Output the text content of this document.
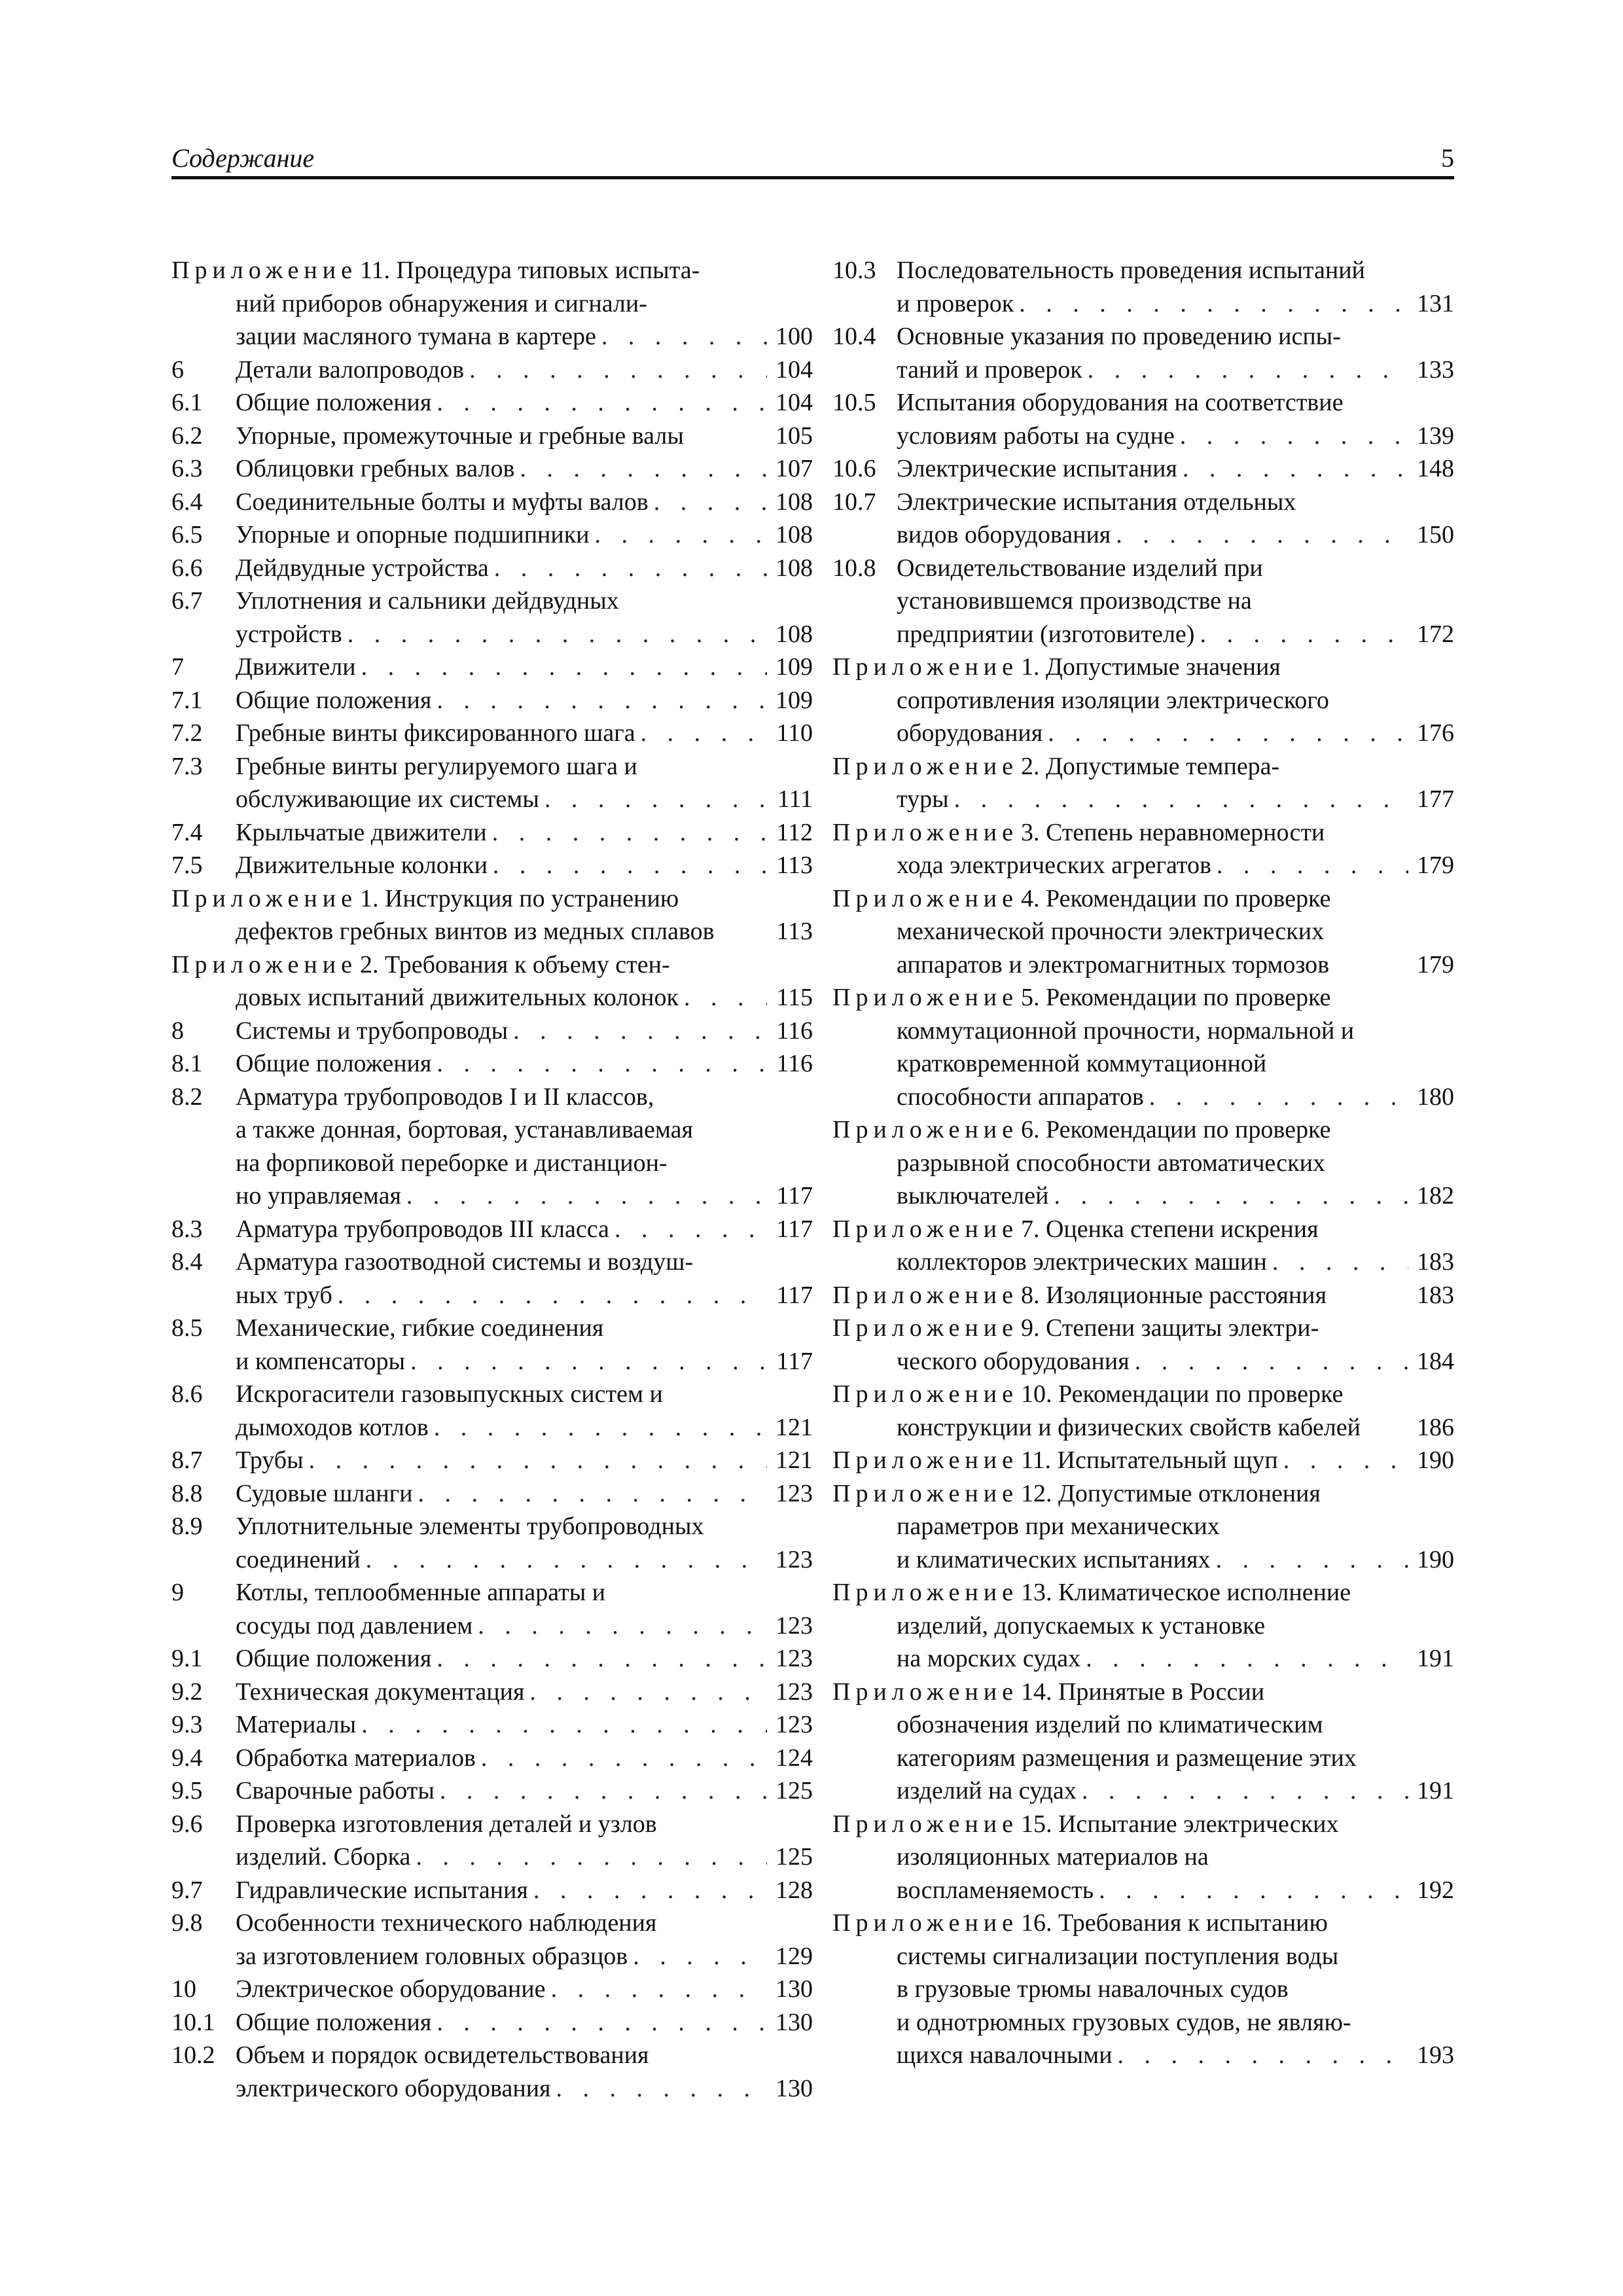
Содержание	5
Приложение 11. Процедура типовых испыта-
ний приборов обнаружения и сигнали-
зации масляного тумана в картере . . .	100
6	Детали валопроводов . . .	104
6.1	Общие положения . . .	104
6.2	Упорные, промежуточные и гребные валы	105
6.3	Облицовки гребных валов . . .	107
6.4	Соединительные болты и муфты валов . . .	108
6.5	Упорные и опорные подшипники . . .	108
6.6	Дейдвудные устройства . . .	108
6.7	Уплотнения и сальники дейдвудных
устройств . . .	108
7	Движители . . .	109
7.1	Общие положения . . .	109
7.2	Гребные винты фиксированного шага . . .	110
7.3	Гребные винты регулируемого шага и
обслуживающие их системы . . .	111
7.4	Крыльчатые движители . . .	112
7.5	Движительные колонки . . .	113
Приложение 1. Инструкция по устранению
дефектов гребных винтов из медных сплавов	113
Приложение 2. Требования к объему стен-
довых испытаний движительных колонок . . .	115
8	Системы и трубопроводы . . .	116
8.1	Общие положения . . .	116
8.2	Арматура трубопроводов I и II классов,
а также донная, бортовая, устанавливаемая
на форпиковой переборке и дистанцион-
но управляемая . . .	117
8.3	Арматура трубопроводов III класса . . .	117
8.4	Арматура газоотводной системы и воздуш-
ных труб . . .	117
8.5	Механические, гибкие соединения
и компенсаторы . . .	117
8.6	Искрогасители газовыпускных систем и
дымоходов котлов . . .	121
8.7	Трубы . . .	121
8.8	Судовые шланги . . .	123
8.9	Уплотнительные элементы трубопроводных
соединений . . .	123
9	Котлы, теплообменные аппараты и
сосуды под давлением . . .	123
9.1	Общие положения . . .	123
9.2	Техническая документация . . .	123
9.3	Материалы . . .	123
9.4	Обработка материалов . . .	124
9.5	Сварочные работы . . .	125
9.6	Проверка изготовления деталей и узлов
изделий. Сборка . . .	125
9.7	Гидравлические испытания . . .	128
9.8	Особенности технического наблюдения
за изготовлением головных образцов . . .	129
10	Электрическое оборудование . . .	130
10.1 Общие положения . . .	130
10.2 Объем и порядок освидетельствования
электрического оборудования . . .	130
10.3 Последовательность проведения испытаний
и проверок . . .	131
10.4 Основные указания по проведению испы-
таний и проверок . . .	133
10.5 Испытания оборудования на соответствие
условиям работы на судне . . .	139
10.6 Электрические испытания . . .	148
10.7 Электрические испытания отдельных
видов оборудования . . .	150
10.8 Освидетельствование изделий при
установившемся производстве на
предприятии (изготовителе) . . .	172
Приложение 1. Допустимые значения
сопротивления изоляции электрического
оборудования . . .	176
Приложение 2. Допустимые темпера-
туры . . .	177
Приложение 3. Степень неравномерности
хода электрических агрегатов . . .	179
Приложение 4. Рекомендации по проверке
механической прочности электрических
аппаратов и электромагнитных тормозов	179
Приложение 5. Рекомендации по проверке
коммутационной прочности, нормальной и
кратковременной коммутационной
способности аппаратов . . .	180
Приложение 6. Рекомендации по проверке
разрывной способности автоматических
выключателей . . .	182
Приложение 7. Оценка степени искрения
коллекторов электрических машин . . .	183
Приложение 8. Изоляционные расстояния	183
Приложение 9. Степени защиты электри-
ческого оборудования . . .	184
Приложение 10. Рекомендации по проверке
конструкции и физических свойств кабелей	186
Приложение 11. Испытательный щуп . . .	190
Приложение 12. Допустимые отклонения
параметров при механических
и климатических испытаниях . . .	190
Приложение 13. Климатическое исполнение
изделий, допускаемых к установке
на морских судах . . .	191
Приложение 14. Принятые в России
обозначения изделий по климатическим
категориям размещения и размещение этих
изделий на судах . . .	191
Приложение 15. Испытание электрических
изоляционных материалов на
воспламеняемость . . .	192
Приложение 16. Требования к испытанию
системы сигнализации поступления воды
в грузовые трюмы навалочных судов
и однотрюмных грузовых судов, не являю-
щихся навалочными . . .	193
